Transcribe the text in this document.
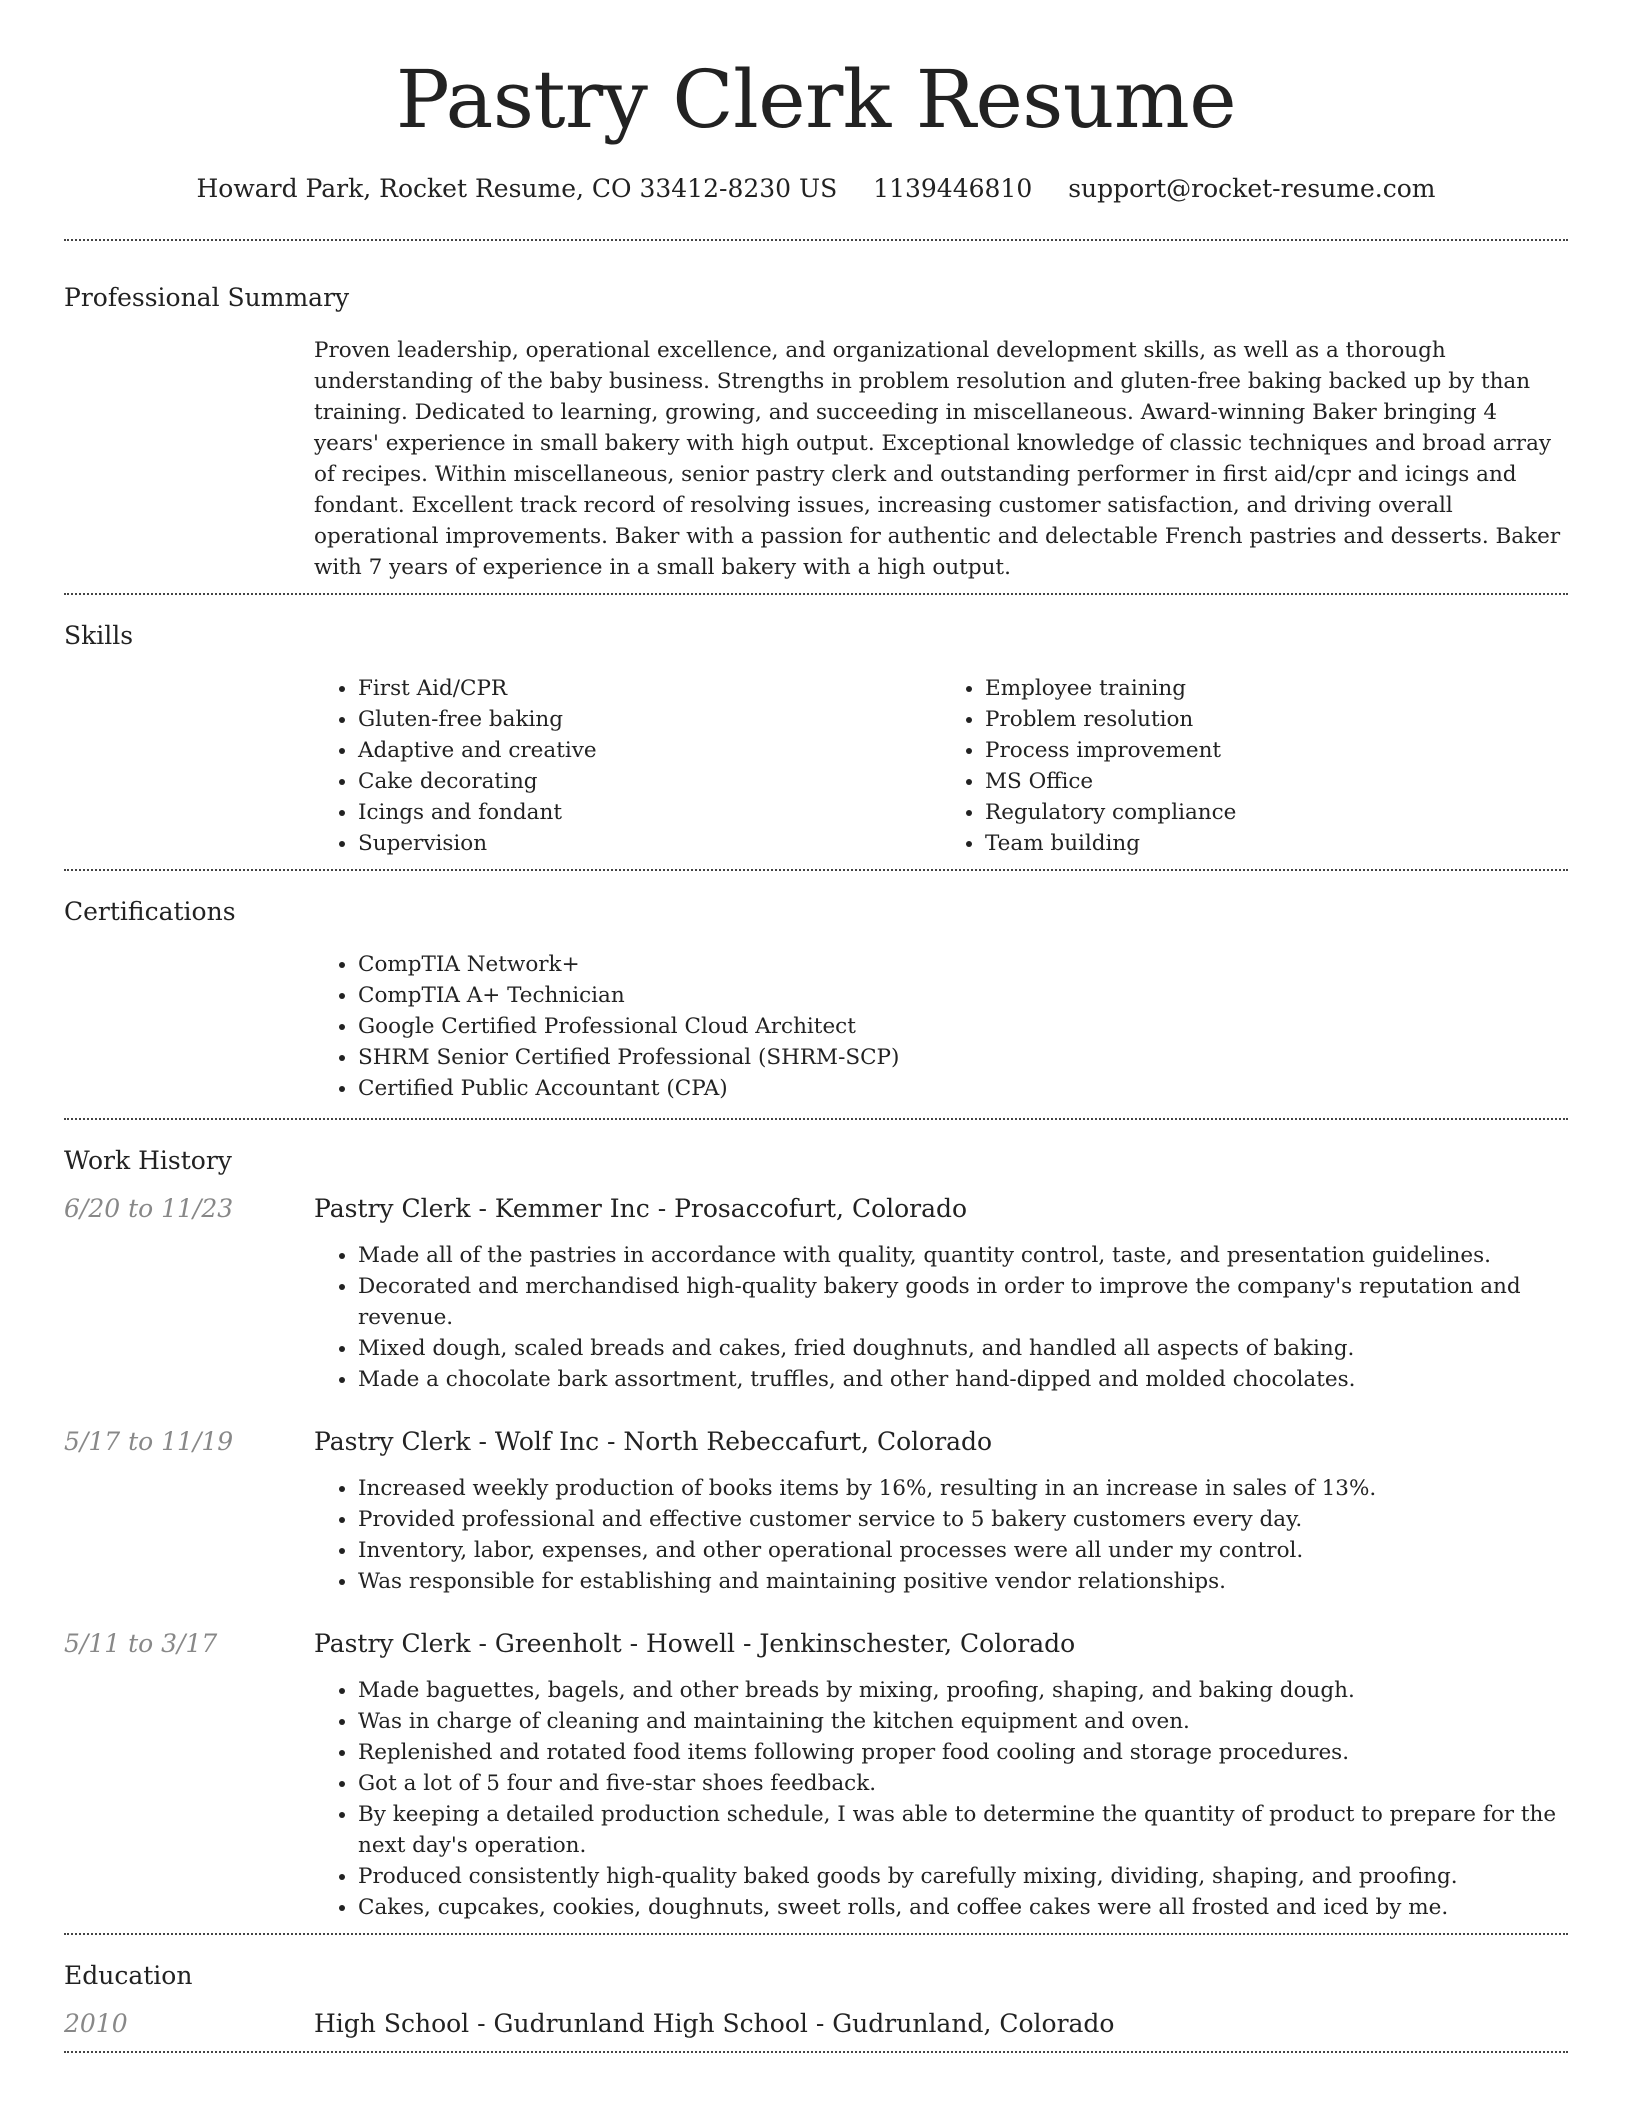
Pastry Clerk Resume
Howard Park, Rocket Resume, CO 33412-8230 US 1139446810 support@rocket-resume.com
Professional Summary

Proven leadership, operational excellence, and organizational development skills, as well as a thorough understanding of the baby business. Strengths in problem resolution and gluten-free baking backed up by than training. Dedicated to learning, growing, and succeeding in miscellaneous. Award-winning Baker bringing 4 years' experience in small bakery with high output. Exceptional knowledge of classic techniques and broad array of recipes. Within miscellaneous, senior pastry clerk and outstanding performer in first aid/cpr and icings and fondant. Excellent track record of resolving issues, increasing customer satisfaction, and driving overall operational improvements. Baker with a passion for authentic and delectable French pastries and desserts. Baker with 7 years of experience in a small bakery with a high output.

Skills
• First Aid/CPR
• Gluten-free baking
• Adaptive and creative
• Cake decorating
• Icings and fondant
• Supervision
• Employee training
• Problem resolution
• Process improvement
• MS Office
• Regulatory compliance
• Team building
Certifications
• CompTIA Network+
• CompTIA A+ Technician
• Google Certified Professional Cloud Architect
• SHRM Senior Certified Professional (SHRM-SCP)
• Certified Public Accountant (CPA)
Work History
6/20 to 11/23	Pastry Clerk - Kemmer Inc - Prosaccofurt, Colorado
• Made all of the pastries in accordance with quality, quantity control, taste, and presentation guidelines.
• Decorated and merchandised high-quality bakery goods in order to improve the company's reputation and revenue.
• Mixed dough, scaled breads and cakes, fried doughnuts, and handled all aspects of baking.
• Made a chocolate bark assortment, truffles, and other hand-dipped and molded chocolates.
5/17 to 11/19	Pastry Clerk - Wolf Inc - North Rebeccafurt, Colorado
• Increased weekly production of books items by 16%, resulting in an increase in sales of 13%.
• Provided professional and effective customer service to 5 bakery customers every day.
• Inventory, labor, expenses, and other operational processes were all under my control.
• Was responsible for establishing and maintaining positive vendor relationships.
5/11 to 3/17	Pastry Clerk - Greenholt - Howell - Jenkinschester, Colorado
• Made baguettes, bagels, and other breads by mixing, proofing, shaping, and baking dough.
• Was in charge of cleaning and maintaining the kitchen equipment and oven.
• Replenished and rotated food items following proper food cooling and storage procedures.
• Got a lot of 5 four and five-star shoes feedback.
• By keeping a detailed production schedule, I was able to determine the quantity of product to prepare for the next day's operation.
• Produced consistently high-quality baked goods by carefully mixing, dividing, shaping, and proofing.
• Cakes, cupcakes, cookies, doughnuts, sweet rolls, and coffee cakes were all frosted and iced by me.
Education
2010	High School - Gudrunland High School - Gudrunland, Colorado
